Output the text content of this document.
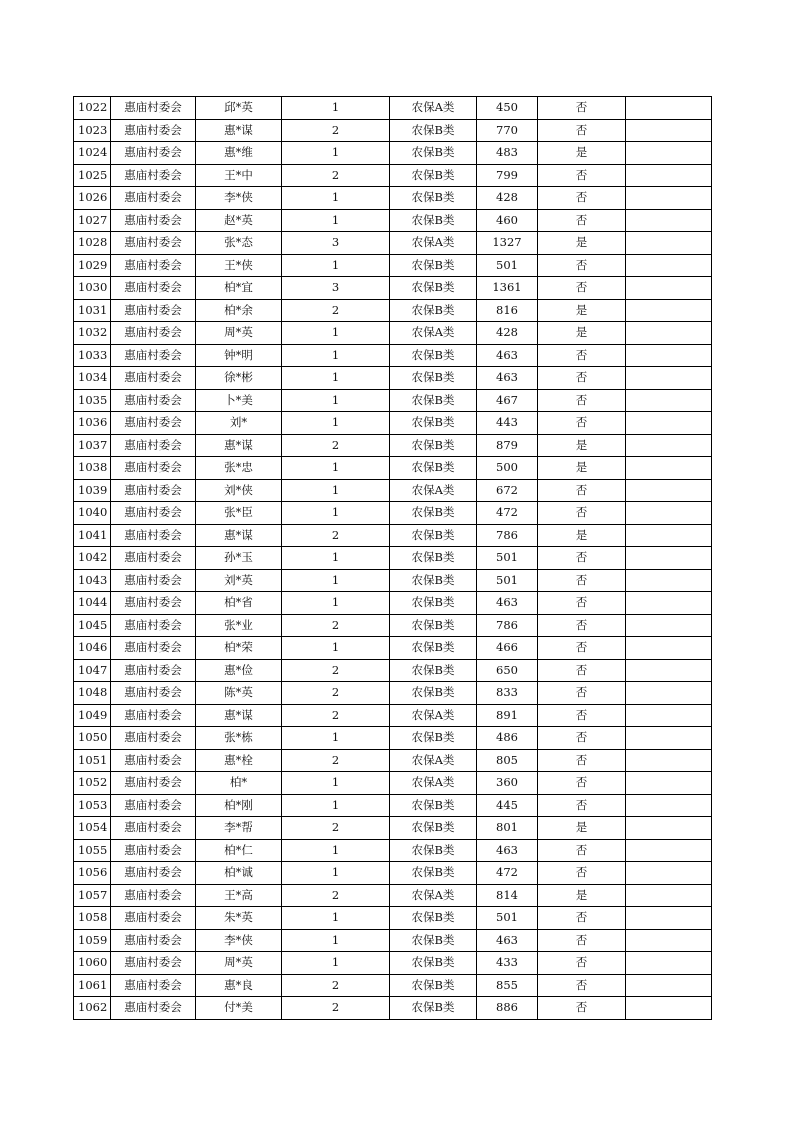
1022	惠庙村委会	邱*英	1	农保A类	450	否	
1023	惠庙村委会	惠*谋	2	农保B类	770	否	
1024	惠庙村委会	惠*维	1	农保B类	483	是	
1025	惠庙村委会	王*中	2	农保B类	799	否	
1026	惠庙村委会	李*侠	1	农保B类	428	否	
1027	惠庙村委会	赵*英	1	农保B类	460	否	
1028	惠庙村委会	张*态	3	农保A类	1327	是	
1029	惠庙村委会	王*侠	1	农保B类	501	否	
1030	惠庙村委会	柏*宜	3	农保B类	1361	否	
1031	惠庙村委会	柏*余	2	农保B类	816	是	
1032	惠庙村委会	周*英	1	农保A类	428	是	
1033	惠庙村委会	钟*明	1	农保B类	463	否	
1034	惠庙村委会	徐*彬	1	农保B类	463	否	
1035	惠庙村委会	卜*美	1	农保B类	467	否	
1036	惠庙村委会	刘*	1	农保B类	443	否	
1037	惠庙村委会	惠*谋	2	农保B类	879	是	
1038	惠庙村委会	张*忠	1	农保B类	500	是	
1039	惠庙村委会	刘*侠	1	农保A类	672	否	
1040	惠庙村委会	张*臣	1	农保B类	472	否	
1041	惠庙村委会	惠*谋	2	农保B类	786	是	
1042	惠庙村委会	孙*玉	1	农保B类	501	否	
1043	惠庙村委会	刘*英	1	农保B类	501	否	
1044	惠庙村委会	柏*省	1	农保B类	463	否	
1045	惠庙村委会	张*业	2	农保B类	786	否	
1046	惠庙村委会	柏*荣	1	农保B类	466	否	
1047	惠庙村委会	惠*俭	2	农保B类	650	否	
1048	惠庙村委会	陈*英	2	农保B类	833	否	
1049	惠庙村委会	惠*谋	2	农保A类	891	否	
1050	惠庙村委会	张*栋	1	农保B类	486	否	
1051	惠庙村委会	惠*栓	2	农保A类	805	否	
1052	惠庙村委会	柏*	1	农保A类	360	否	
1053	惠庙村委会	柏*刚	1	农保B类	445	否	
1054	惠庙村委会	李*帮	2	农保B类	801	是	
1055	惠庙村委会	柏*仁	1	农保B类	463	否	
1056	惠庙村委会	柏*诚	1	农保B类	472	否	
1057	惠庙村委会	王*高	2	农保A类	814	是	
1058	惠庙村委会	朱*英	1	农保B类	501	否	
1059	惠庙村委会	李*侠	1	农保B类	463	否	
1060	惠庙村委会	周*英	1	农保B类	433	否	
1061	惠庙村委会	惠*良	2	农保B类	855	否	
1062	惠庙村委会	付*美	2	农保B类	886	否	
